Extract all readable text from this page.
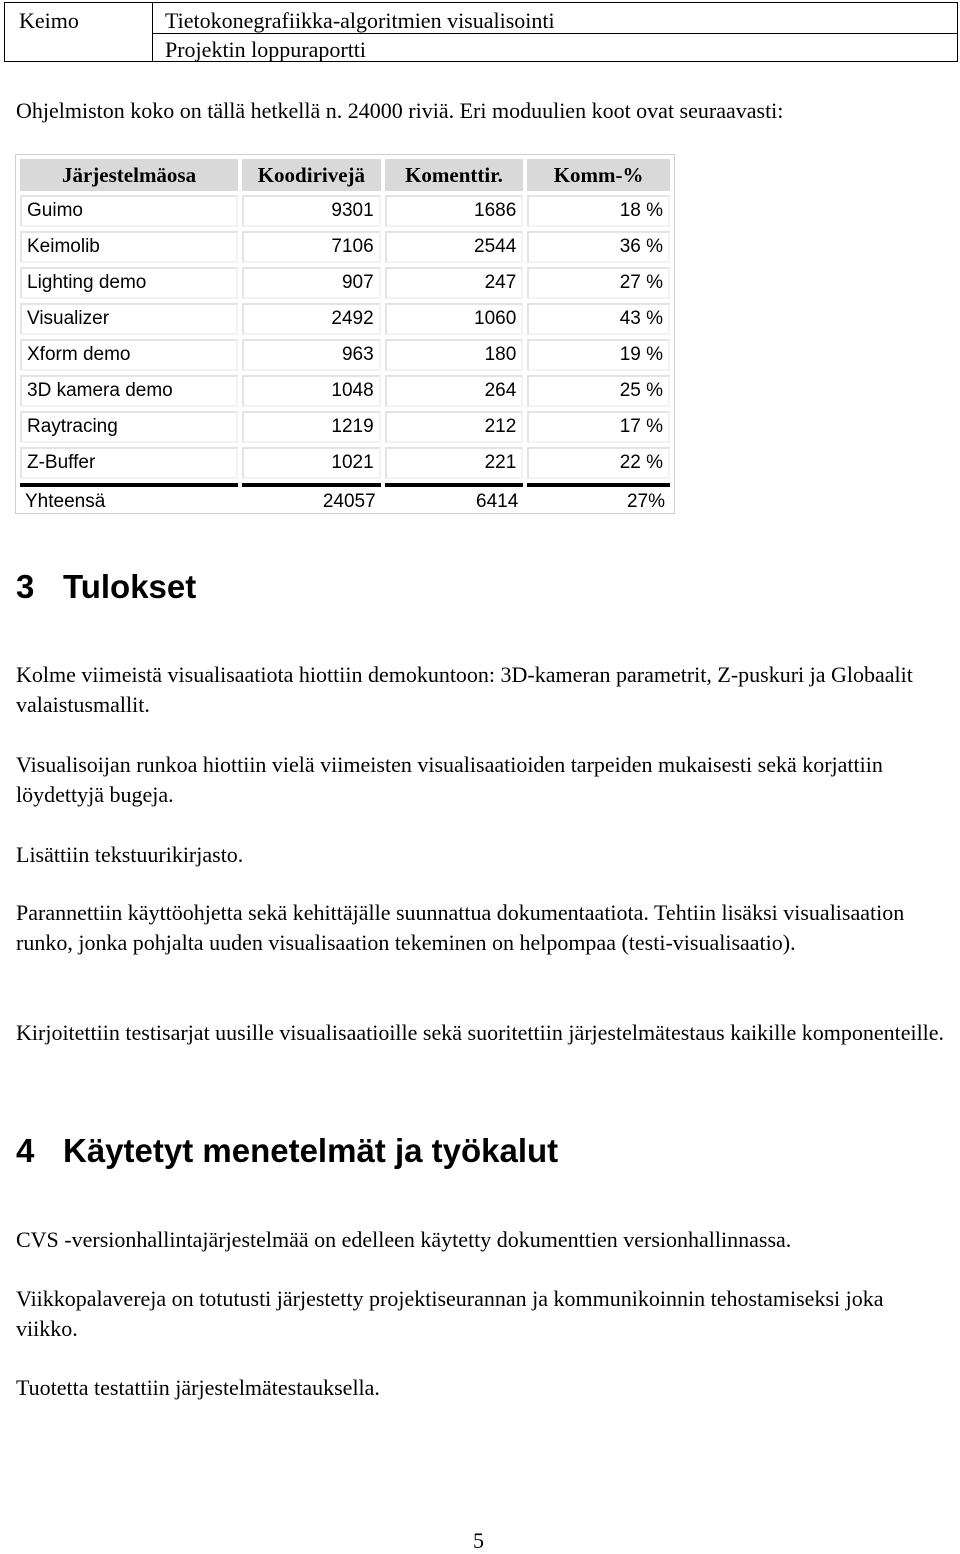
Keimo	Tietokonegrafiikka-algoritmien visualisointi
Projektin loppuraportti

Ohjelmiston koko on tällä hetkellä n. 24000 riviä. Eri moduulien koot ovat seuraavasti:

Järjestelmäosa	Koodirivejä	Komenttir.	Komm-%
Guimo	9301	1686	18 %
Keimolib	7106	2544	36 %
Lighting demo	907	247	27 %
Visualizer	2492	1060	43 %
Xform demo	963	180	19 %
3D kamera demo	1048	264	25 %
Raytracing	1219	212	17 %
Z-Buffer	1021	221	22 %
Yhteensä	24057	6414	27%
3 Tulokset

Kolme viimeistä visualisaatiota hiottiin demokuntoon: 3D-kameran parametrit, Z-puskuri ja Globaalit valaistusmallit.

Visualisoijan runkoa hiottiin vielä viimeisten visualisaatioiden tarpeiden mukaisesti sekä korjattiin löydettyjä bugeja.

Lisättiin tekstuurikirjasto.

Parannettiin käyttöohjetta sekä kehittäjälle suunnattua dokumentaatiota. Tehtiin lisäksi visualisaation runko, jonka pohjalta uuden visualisaation tekeminen on helpompaa (testi-visualisaatio).

Kirjoitettiin testisarjat uusille visualisaatioille sekä suoritettiin järjestelmätestaus kaikille komponenteille.

4 Käytetyt menetelmät ja työkalut

CVS -versionhallintajärjestelmää on edelleen käytetty dokumenttien versionhallinnassa.

Viikkopalavereja on totutusti järjestetty projektiseurannan ja kommunikoinnin tehostamiseksi joka viikko.

Tuotetta testattiin järjestelmätestauksella.

5
